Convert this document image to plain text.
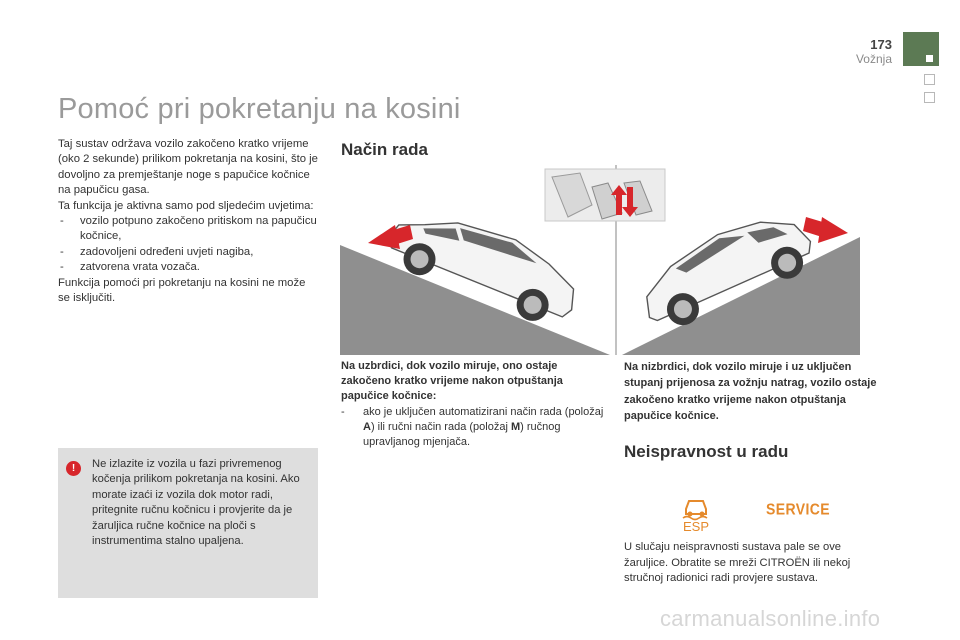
173
Vožnja
Pomoć pri pokretanju na kosini

Taj sustav održava vozilo zakočeno kratko vrijeme (oko 2 sekunde) prilikom pokretanja na kosini, što je dovoljno za premještanje noge s papučice kočnice na papučicu gasa.

Ta funkcija je aktivna samo pod sljedećim uvjetima:

- vozilo potpuno zakočeno pritiskom na papučicu kočnice,
- zadovoljeni određeni uvjeti nagiba,
- zatvorena vrata vozača.

Funkcija pomoći pri pokretanju na kosini ne može se isključiti.

!	Ne izlazite iz vozila u fazi privremenog kočenja prilikom pokretanja na kosini. Ako morate izaći iz vozila dok motor radi, pritegnite ručnu kočnicu i provjerite da je žaruljica ručne kočnice na ploči s instrumentima stalno upaljena.
Način rada
Neispravnost u radu
Na uzbrdici, dok vozilo miruje, ono ostaje zakočeno kratko vrijeme nakon otpuštanja papučice kočnice:
- ako je uključen automatizirani način rada (položaj A) ili ručni način rada (položaj M) ručnog upravljanog mjenjača.
Na nizbrdici, dok vozilo miruje i uz uključen stupanj prijenosa za vožnju natrag, vozilo ostaje zakočeno kratko vrijeme nakon otpuštanja papučice kočnice.
ESP
SERVICE
U slučaju neispravnosti sustava pale se ove žaruljice. Obratite se mreži CITROËN ili nekoj stručnoj radionici radi provjere sustava.
carmanualsonline.info
